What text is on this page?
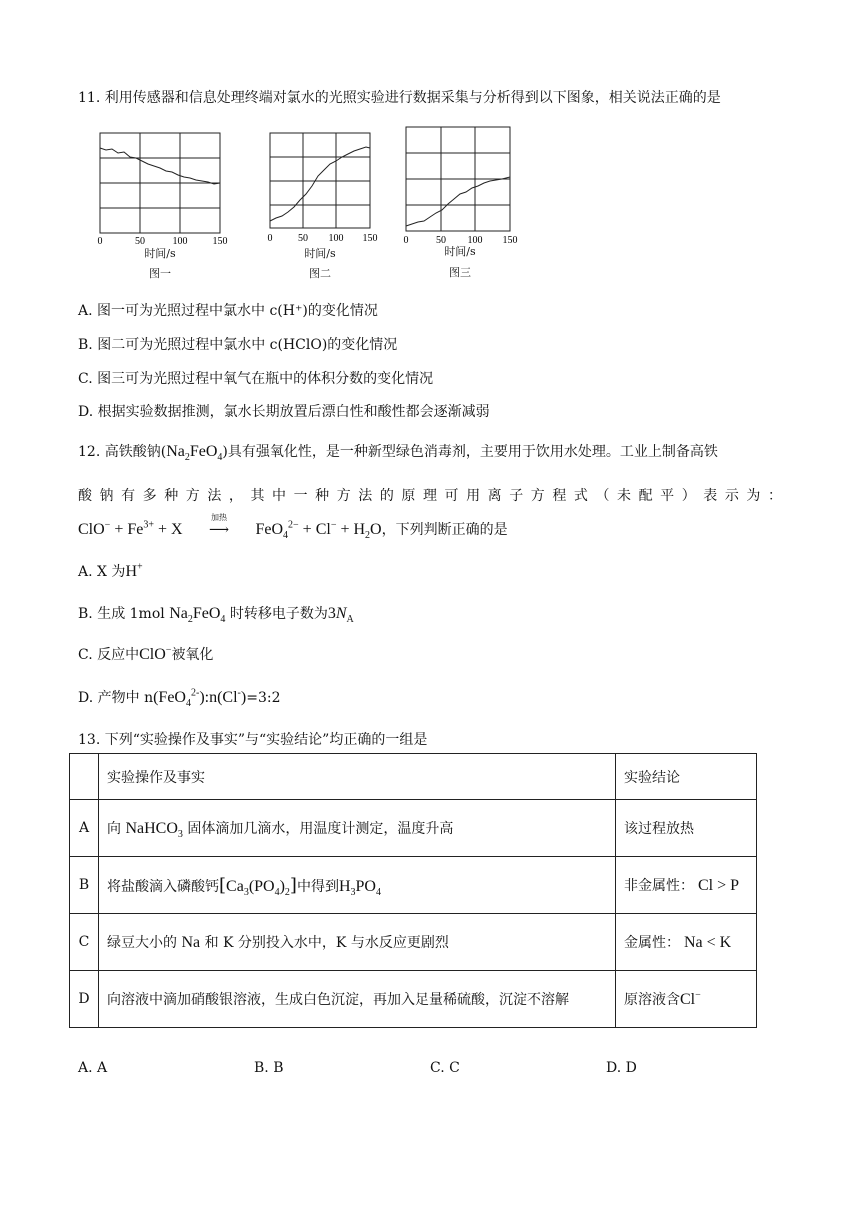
11. 利用传感器和信息处理终端对氯水的光照实验进行数据采集与分析得到以下图象，相关说法正确的是
0	50	100	150
时间/s
图一
0	50 100 150
时间/s
图二
0	50 100 150
时间/s
图三
A. 图一可为光照过程中氯水中 c(H⁺)的变化情况
B. 图二可为光照过程中氯水中 c(HClO)的变化情况
C. 图三可为光照过程中氧气在瓶中的体积分数的变化情况
D. 根据实验数据推测，氯水长期放置后漂白性和酸性都会逐渐减弱
12. 高铁酸钠$(Na_2FeO_4)$具有强氧化性，是一种新型绿色消毒剂，主要用于饮用水处理。工业上制备高铁
酸钠有多种方法，其中一种方法的原理可用离子方程式（未配平）表示为：
$ClO^- + Fe^{3+} + X$
加热
⟶ $FeO_4^{2-} + Cl^- + H_2O$，下列判断正确的是
A. X 为H+
B. 生成 1mol $Na_2FeO_4$ 时转移电子数为$3N_A$
C. 反应中ClO−被氧化
D. 产物中 n(FeO$_4^{2-}$):n(Cl-)=3:2
13. 下列“实验操作及事实”与“实验结论”均正确的一组是
	实验操作及事实	实验结论
A	向 NaHCO$_3$ 固体滴加几滴水，用温度计测定，温度升高	该过程放热
B	将盐酸滴入磷酸钙$[Ca_3(PO_4)_2]$中得到$H_3PO_4$	非金属性： Cl > P
C	绿豆大小的 Na 和 K 分别投入水中，K 与水反应更剧烈	金属性： Na < K
D	向溶液中滴加硝酸银溶液，生成白色沉淀，再加入足量稀硫酸，沉淀不溶解	原溶液含Cl−
A. A	B. B	C. C	D. D
